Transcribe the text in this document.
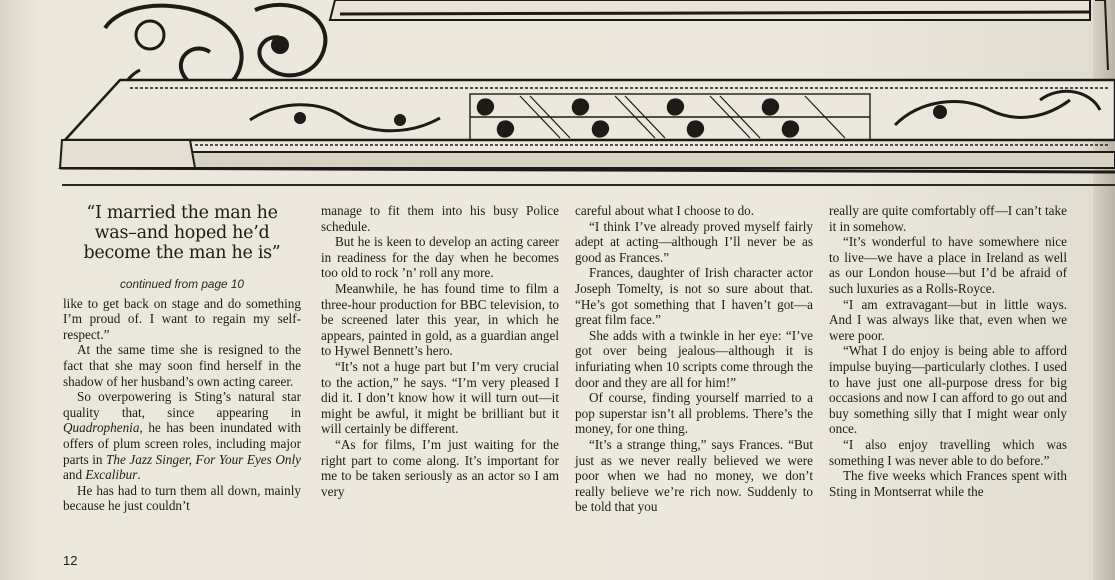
“I married the man he was–and hoped he’d become the man he is”
continued from page 10

like to get back on stage and do something I’m proud of. I want to regain my self-respect.”

At the same time she is resigned to the fact that she may soon find herself in the shadow of her husband’s own acting career.

So overpowering is Sting’s natural star quality that, since appearing in Quadrophenia, he has been inundated with offers of plum screen roles, including major parts in The Jazz Singer, For Your Eyes Only and Excalibur.

He has had to turn them all down, mainly because he just couldn’t

manage to fit them into his busy Police schedule.

But he is keen to develop an acting career in readiness for the day when he becomes too old to rock ’n’ roll any more.

Meanwhile, he has found time to film a three-hour production for BBC television, to be screened later this year, in which he appears, painted in gold, as a guardian angel to Hywel Bennett’s hero.

“It’s not a huge part but I’m very crucial to the action,” he says. “I’m very pleased I did it. I don’t know how it will turn out—it might be awful, it might be brilliant but it will certainly be different.

“As for films, I’m just waiting for the right part to come along. It’s important for me to be taken seriously as an actor so I am very

careful about what I choose to do.

“I think I’ve already proved myself fairly adept at acting—although I’ll never be as good as Frances.”

Frances, daughter of Irish character actor Joseph Tomelty, is not so sure about that. “He’s got something that I haven’t got—a great film face.”

She adds with a twinkle in her eye: “I’ve got over being jealous—although it is infuriating when 10 scripts come through the door and they are all for him!”

Of course, finding yourself married to a pop superstar isn’t all problems. There’s the money, for one thing.

“It’s a strange thing,” says Frances. “But just as we never really believed we were poor when we had no money, we don’t really believe we’re rich now. Suddenly to be told that you

really are quite comfortably off—I can’t take it in somehow.

“It’s wonderful to have somewhere nice to live—we have a place in Ireland as well as our London house—but I’d be afraid of such luxuries as a Rolls-Royce.

“I am extravagant—but in little ways. And I was always like that, even when we were poor.

“What I do enjoy is being able to afford impulse buying—particularly clothes. I used to have just one all-purpose dress for big occasions and now I can afford to go out and buy something silly that I might wear only once.

“I also enjoy travelling which was something I was never able to do before.”

The five weeks which Frances spent with Sting in Montserrat while the

12
